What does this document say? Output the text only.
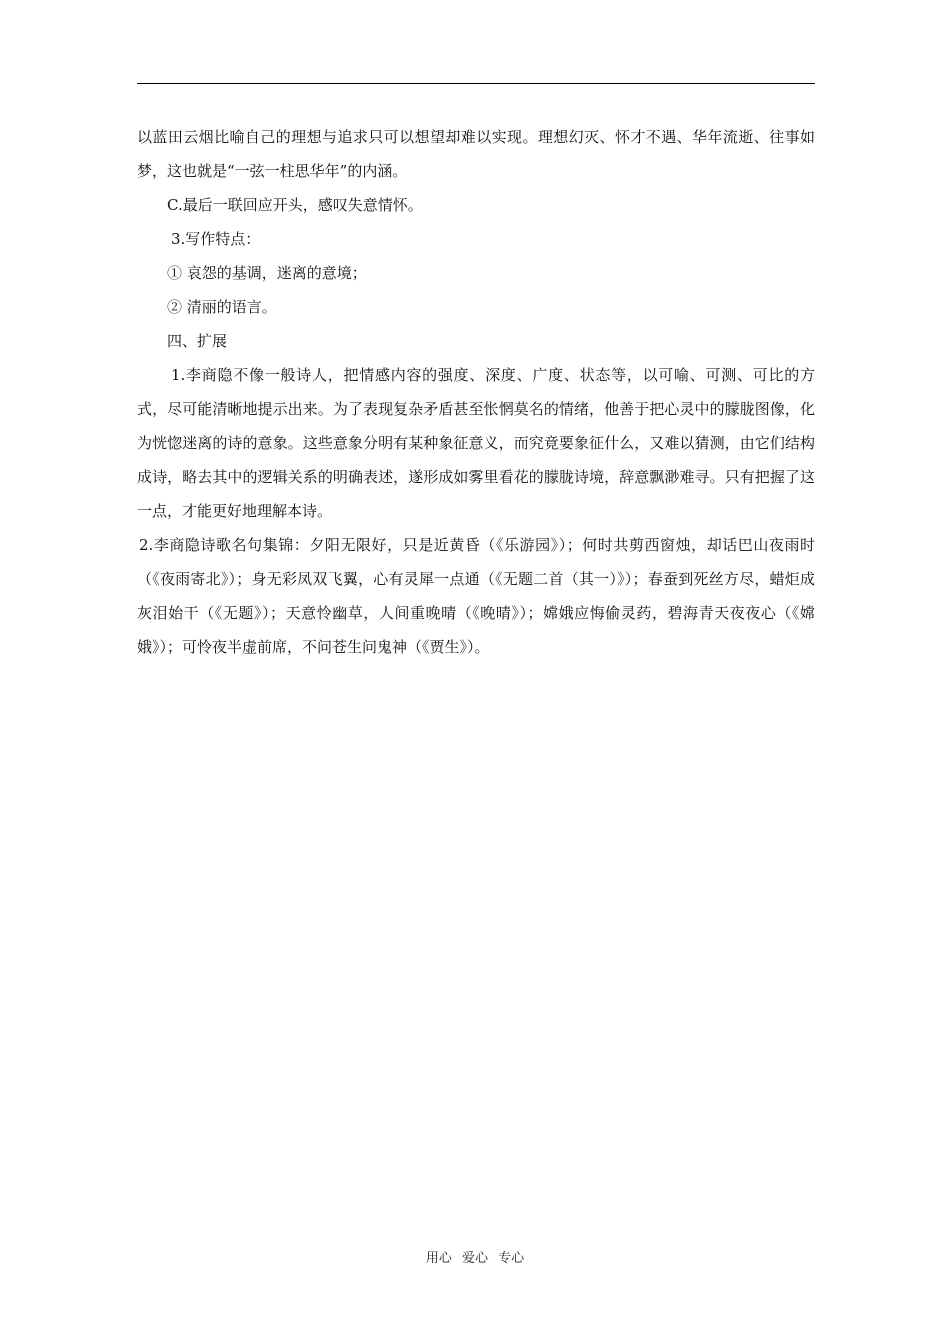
以蓝田云烟比喻自己的理想与追求只可以想望却难以实现。理想幻灭、怀才不遇、华年流逝、往事如梦，这也就是“一弦一柱思华年”的内涵。

C.最后一联回应开头，感叹失意情怀。

3.写作特点：

① 哀怨的基调，迷离的意境；

② 清丽的语言。

四、扩展

1.李商隐不像一般诗人，把情感内容的强度、深度、广度、状态等，以可喻、可测、可比的方式，尽可能清晰地提示出来。为了表现复杂矛盾甚至怅惘莫名的情绪，他善于把心灵中的朦胧图像，化为恍惚迷离的诗的意象。这些意象分明有某种象征意义，而究竟要象征什么，又难以猜测，由它们结构成诗，略去其中的逻辑关系的明确表述，遂形成如雾里看花的朦胧诗境，辞意飘渺难寻。只有把握了这一点，才能更好地理解本诗。

2.李商隐诗歌名句集锦：夕阳无限好，只是近黄昏（《乐游园》）；何时共剪西窗烛，却话巴山夜雨时（《夜雨寄北》）；身无彩凤双飞翼，心有灵犀一点通（《无题二首（其一）》）；春蚕到死丝方尽，蜡炬成灰泪始干（《无题》）；天意怜幽草，人间重晚晴（《晚晴》）；嫦娥应悔偷灵药，碧海青天夜夜心（《嫦娥》）；可怜夜半虚前席，不问苍生问鬼神（《贾生》）。

用心 爱心 专心
